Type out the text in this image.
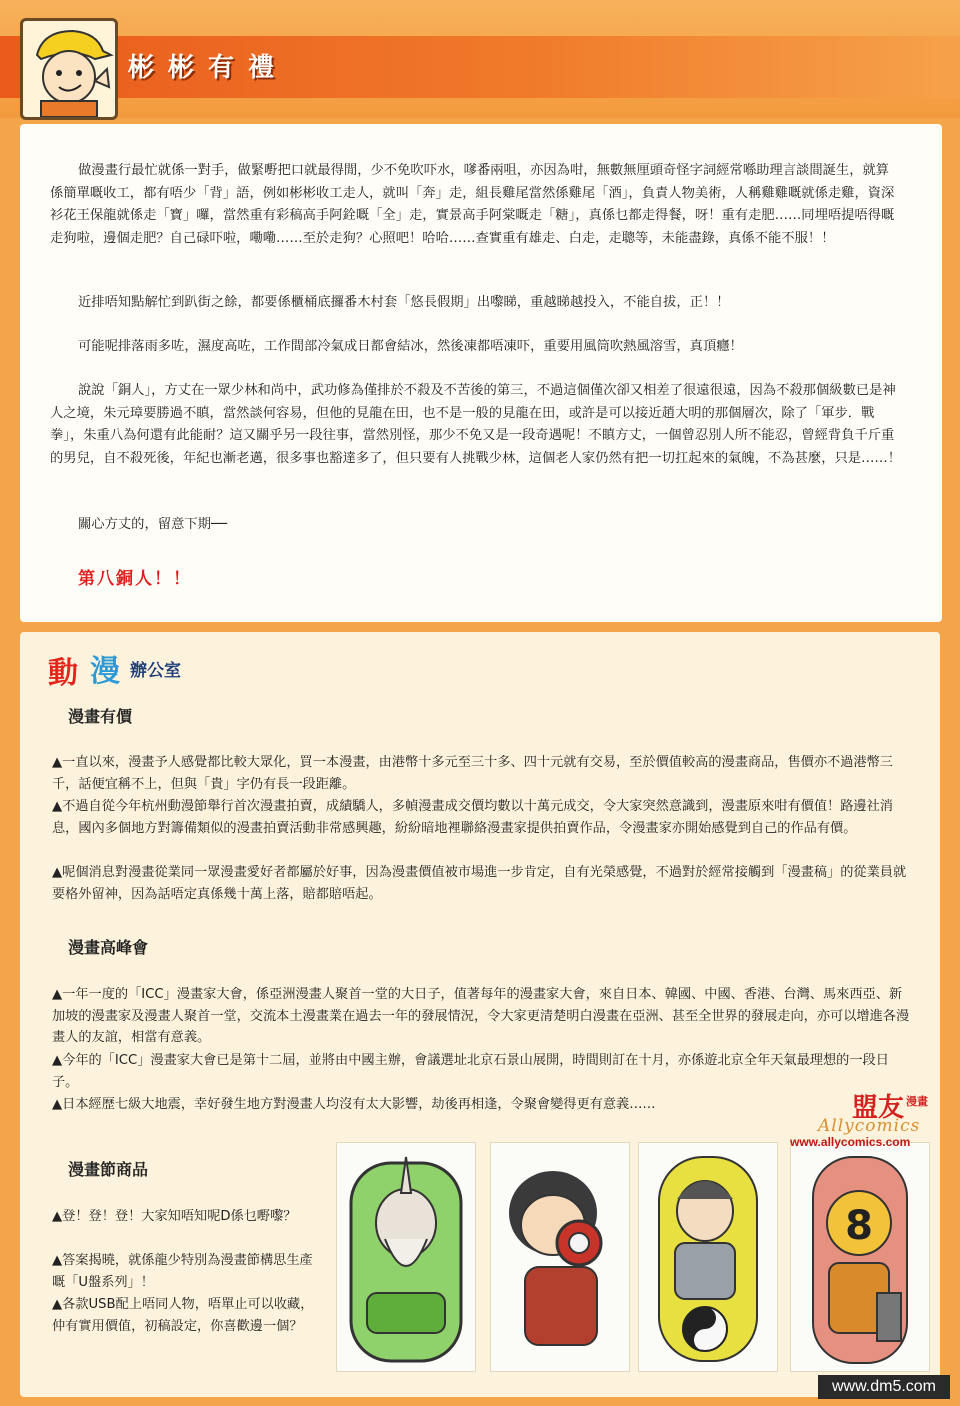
彬彬有禮

做漫畫行最忙就係一對手，做緊嘢把口就最得閒，少不免吹吓水，嗲番兩咀，亦因為咁，無數無厘頭奇怪字詞經常喺助理言談間誕生，就算係簡單嘅收工，都有唔少「背」語，例如彬彬收工走人，就叫「奔」走，組長雞尾當然係雞尾「酒」，負責人物美術，人稱雞雞嘅就係走雞，資深衫花王保龍就係走「寶」囉，當然重有彩稿高手阿銓嘅「全」走，實景高手阿棠嘅走「糖」，真係乜都走得餐，呀！重有走肥……同埋唔提唔得嘅走狗啦，邊個走肥？自己碌吓啦，嘞嘞……至於走狗？心照吧！哈哈……查實重有雄走、白走，走聰等，未能盡錄，真係不能不服！！

近排唔知點解忙到趴街之餘，都要係櫃桶底攞番木村套「悠長假期」出嚟睇，重越睇越投入，不能自拔，正！！

可能呢排落雨多咗，濕度高咗，工作間部冷氣成日都會結冰，然後凍都唔凍吓，重要用風筒吹熱風溶雪，真頂癮！

說說「銅人」，方丈在一眾少林和尚中，武功修為僅排於不殺及不苦後的第三，不過這個僅次卻又相差了很遠很遠，因為不殺那個級數已是神人之境，朱元璋要勝過不瞋，當然談何容易，但他的見龍在田，也不是一般的見龍在田，或許是可以接近趙大明的那個層次，除了「軍步．戰拳」，朱重八為何還有此能耐？這又關乎另一段往事，當然別怪，那少不免又是一段奇遇呢！不瞋方丈，一個曾忍別人所不能忍，曾經背負千斤重的男兒，自不殺死後，年紀也漸老邁，很多事也豁達多了，但只要有人挑戰少林，這個老人家仍然有把一切扛起來的氣魄，不為甚麼，只是……！

關心方丈的，留意下期──

第八銅人！！
動 漫 辦公室
漫畫有價

▲一直以來，漫畫予人感覺都比較大眾化，買一本漫畫，由港幣十多元至三十多、四十元就有交易，至於價值較高的漫畫商品，售價亦不過港幣三千，話便宜稱不上，但與「貴」字仍有長一段距離。

▲不過自從今年杭州動漫節舉行首次漫畫拍賣，成績驕人，多幀漫畫成交價均數以十萬元成交，令大家突然意識到，漫畫原來咁有價值！路邊社消息，國內多個地方對籌備類似的漫畫拍賣活動非常感興趣，紛紛暗地裡聯絡漫畫家提供拍賣作品，令漫畫家亦開始感覺到自己的作品有價。

▲呢個消息對漫畫從業同一眾漫畫愛好者都屬於好事，因為漫畫價值被市場進一步肯定，自有光榮感覺，不過對於經常接觸到「漫畫稿」的從業員就要格外留神，因為話唔定真係幾十萬上落，賠都賠唔起。

漫畫高峰會

▲一年一度的「ICC」漫畫家大會，係亞洲漫畫人聚首一堂的大日子，值著每年的漫畫家大會，來自日本、韓國、中國、香港、台灣、馬來西亞、新加坡的漫畫家及漫畫人聚首一堂，交流本土漫畫業在過去一年的發展情況，令大家更清楚明白漫畫在亞洲、甚至全世界的發展走向，亦可以增進各漫畫人的友誼，相當有意義。

▲今年的「ICC」漫畫家大會已是第十二屆，並將由中國主辦，會議選址北京石景山展開，時間則訂在十月，亦係遊北京全年天氣最理想的一段日子。

▲日本經歷七級大地震，幸好發生地方對漫畫人均沒有太大影響，劫後再相逢，令聚會變得更有意義……

漫畫節商品

▲登！登！登！大家知唔知呢D係乜嘢嚟？

▲答案揭曉，就係龍少特別為漫畫節構思生產嘅「U盤系列」！

▲各款USB配上唔同人物，唔單止可以收藏，仲有實用價值，初稿設定，你喜歡邊一個？

8
盟友 漫畫
Allycomics
www.allycomics.com
www.dm5.com
